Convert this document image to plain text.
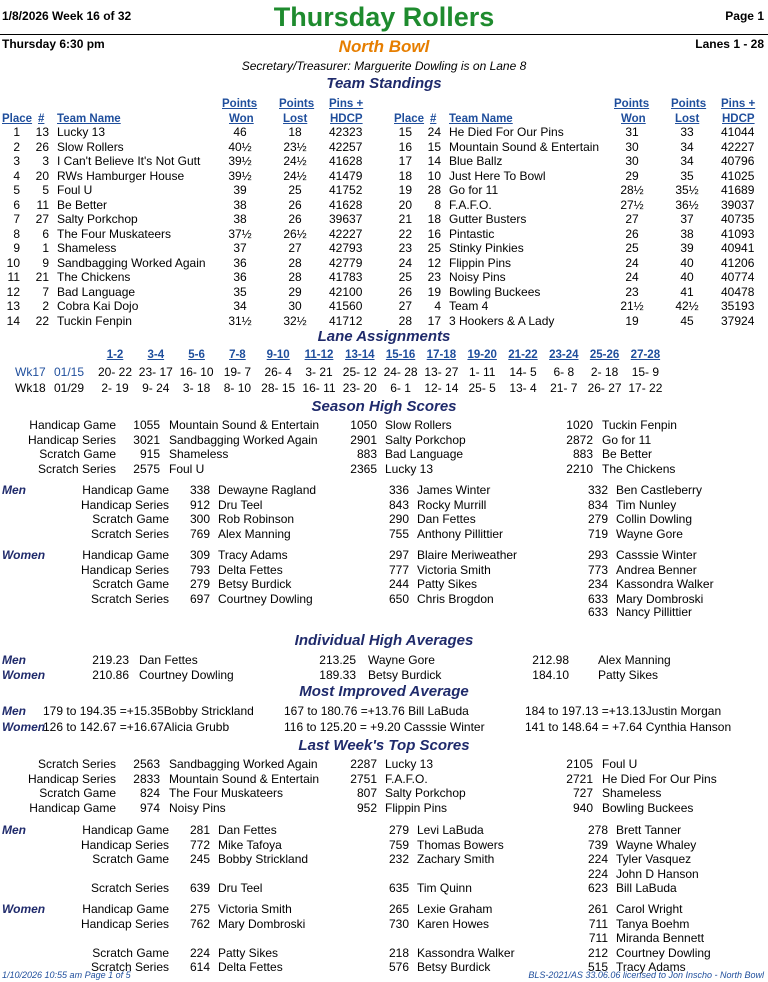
1/8/2026 Week 16 of 32	Thursday Rollers	Page 1
Thursday 6:30 pm	North Bowl	Lanes 1 - 28
Secretary/Treasurer: Marguerite Dowling is on Lane 8
Team Standings
Place # Team Name
Points
Won
Points
Lost
Pins +
HDCP
1	13 Lucky 13	46	18	42323
2	26 Slow Rollers	40½	23½	42257
3	3 I Can't Believe It's Not Gutt	39½	24½	41628
4	20 RWs Hamburger House	39½	24½	41479
5	5 Foul U	39	25	41752
6	11 Be Better	38	26	41628
7	27 Salty Porkchop	38	26	39637
8	6 The Four Muskateers	37½	26½	42227
9	1 Shameless	37	27	42793
10	9 Sandbagging Worked Again	36	28	42779
11	21 The Chickens	36	28	41783
12	7 Bad Language	35	29	42100
13	2 Cobra Kai Dojo	34	30	41560
14	22 Tuckin Fenpin	31½	32½	41712
Place # Team Name
Points
Won
Points
Lost
Pins +
HDCP
15	24 He Died For Our Pins	31	33	41044
16	15 Mountain Sound & Entertain	30	34	42227
17	14 Blue Ballz	30	34	40796
18	10 Just Here To Bowl	29	35	41025
19	28 Go for 11	28½	35½	41689
20	8 F.A.F.O.	27½	36½	39037
21	18 Gutter Busters	27	37	40735
22	16 Pintastic	26	38	41093
23	25 Stinky Pinkies	25	39	40941
24	12 Flippin Pins	24	40	41206
25	23 Noisy Pins	24	40	40774
26	19 Bowling Buckees	23	41	40478
27	4 Team 4	21½	42½	35193
28	17 3 Hookers & A Lady	19	45	37924
Lane Assignments
1-2	3-4	5-6	7-8	9-10	11-12	13-14 15-16 17-18 19-20 21-22 23-24 25-26 27-28
Wk17 01/15 20- 22 23- 17 16- 10 19- 7	26- 4	3- 21 25- 12 24- 28 13- 27 1- 11	14- 5	6- 8	2- 18	15- 9
Wk18 01/29	2- 19	9- 24	3- 18	8- 10 28- 15 16- 11 23- 20	6- 1	12- 14 25- 5	13- 4	21- 7 26- 27 17- 22
Season High Scores
Handicap Game	1055 Mountain Sound & Entertain	1050 Slow Rollers	1020 Tuckin Fenpin
Handicap Series	3021 Sandbagging Worked Again	2901 Salty Porkchop	2872 Go for 11
Scratch Game	915 Shameless	883 Bad Language	883 Be Better
Scratch Series	2575 Foul U	2365 Lucky 13	2210 The Chickens
Men	Handicap Game	338 Dewayne Ragland	336 James Winter	332 Ben Castleberry
Handicap Series	912 Dru Teel	843 Rocky Murrill	834 Tim Nunley
Scratch Game	300 Rob Robinson	290 Dan Fettes	279 Collin Dowling
Scratch Series	769 Alex Manning	755 Anthony Pillittier	719 Wayne Gore
Women	Handicap Game	309 Tracy Adams	297 Blaire Meriweather	293 Casssie Winter
Handicap Series	793 Delta Fettes	777 Victoria Smith	773 Andrea Benner
Scratch Game	279 Betsy Burdick	244 Patty Sikes	234 Kassondra Walker
Scratch Series	697 Courtney Dowling	650 Chris Brogdon	633 Mary Dombroski
633 Nancy Pillittier
Individual High Averages
Men	219.23 Dan Fettes	213.25 Wayne Gore	212.98 Alex Manning
Women	210.86 Courtney Dowling	189.33 Betsy Burdick	184.10 Patty Sikes
Most Improved Average
Men 179 to 194.35 =+15.35Bobby Strickland	167 to 180.76 =+13.76 Bill LaBuda	184 to 197.13 =+13.13Justin Morgan
Women
126 to 142.67 =+16.67Alicia Grubb	116 to 125.20 = +9.20 Casssie Winter	141 to 148.64 = +7.64 Cynthia Hanson
Last Week's Top Scores
Scratch Series	2563 Sandbagging Worked Again	2287 Lucky 13	2105 Foul U
Handicap Series	2833 Mountain Sound & Entertain	2751 F.A.F.O.	2721 He Died For Our Pins
Scratch Game	824 The Four Muskateers	807 Salty Porkchop	727 Shameless
Handicap Game	974 Noisy Pins	952 Flippin Pins	940 Bowling Buckees
Men	Handicap Game	281 Dan Fettes	279 Levi LaBuda	278 Brett Tanner
Handicap Series	772 Mike Tafoya	759 Thomas Bowers	739 Wayne Whaley
Scratch Game	245 Bobby Strickland	232 Zachary Smith	224 Tyler Vasquez
224 John D Hanson
Scratch Series	639 Dru Teel	635 Tim Quinn	623 Bill LaBuda
Women	Handicap Game	275 Victoria Smith	265 Lexie Graham	261 Carol Wright
Handicap Series	762 Mary Dombroski	730 Karen Howes	711 Tanya Boehm
711 Miranda Bennett
Scratch Game	224 Patty Sikes	218 Kassondra Walker	212 Courtney Dowling
Scratch Series	614 Delta Fettes	576 Betsy Burdick	515 Tracy Adams
1/10/2026 10:55 am Page 1 of 5	BLS-2021/AS 33.06.06 licensed to Jon Inscho - North Bowl
